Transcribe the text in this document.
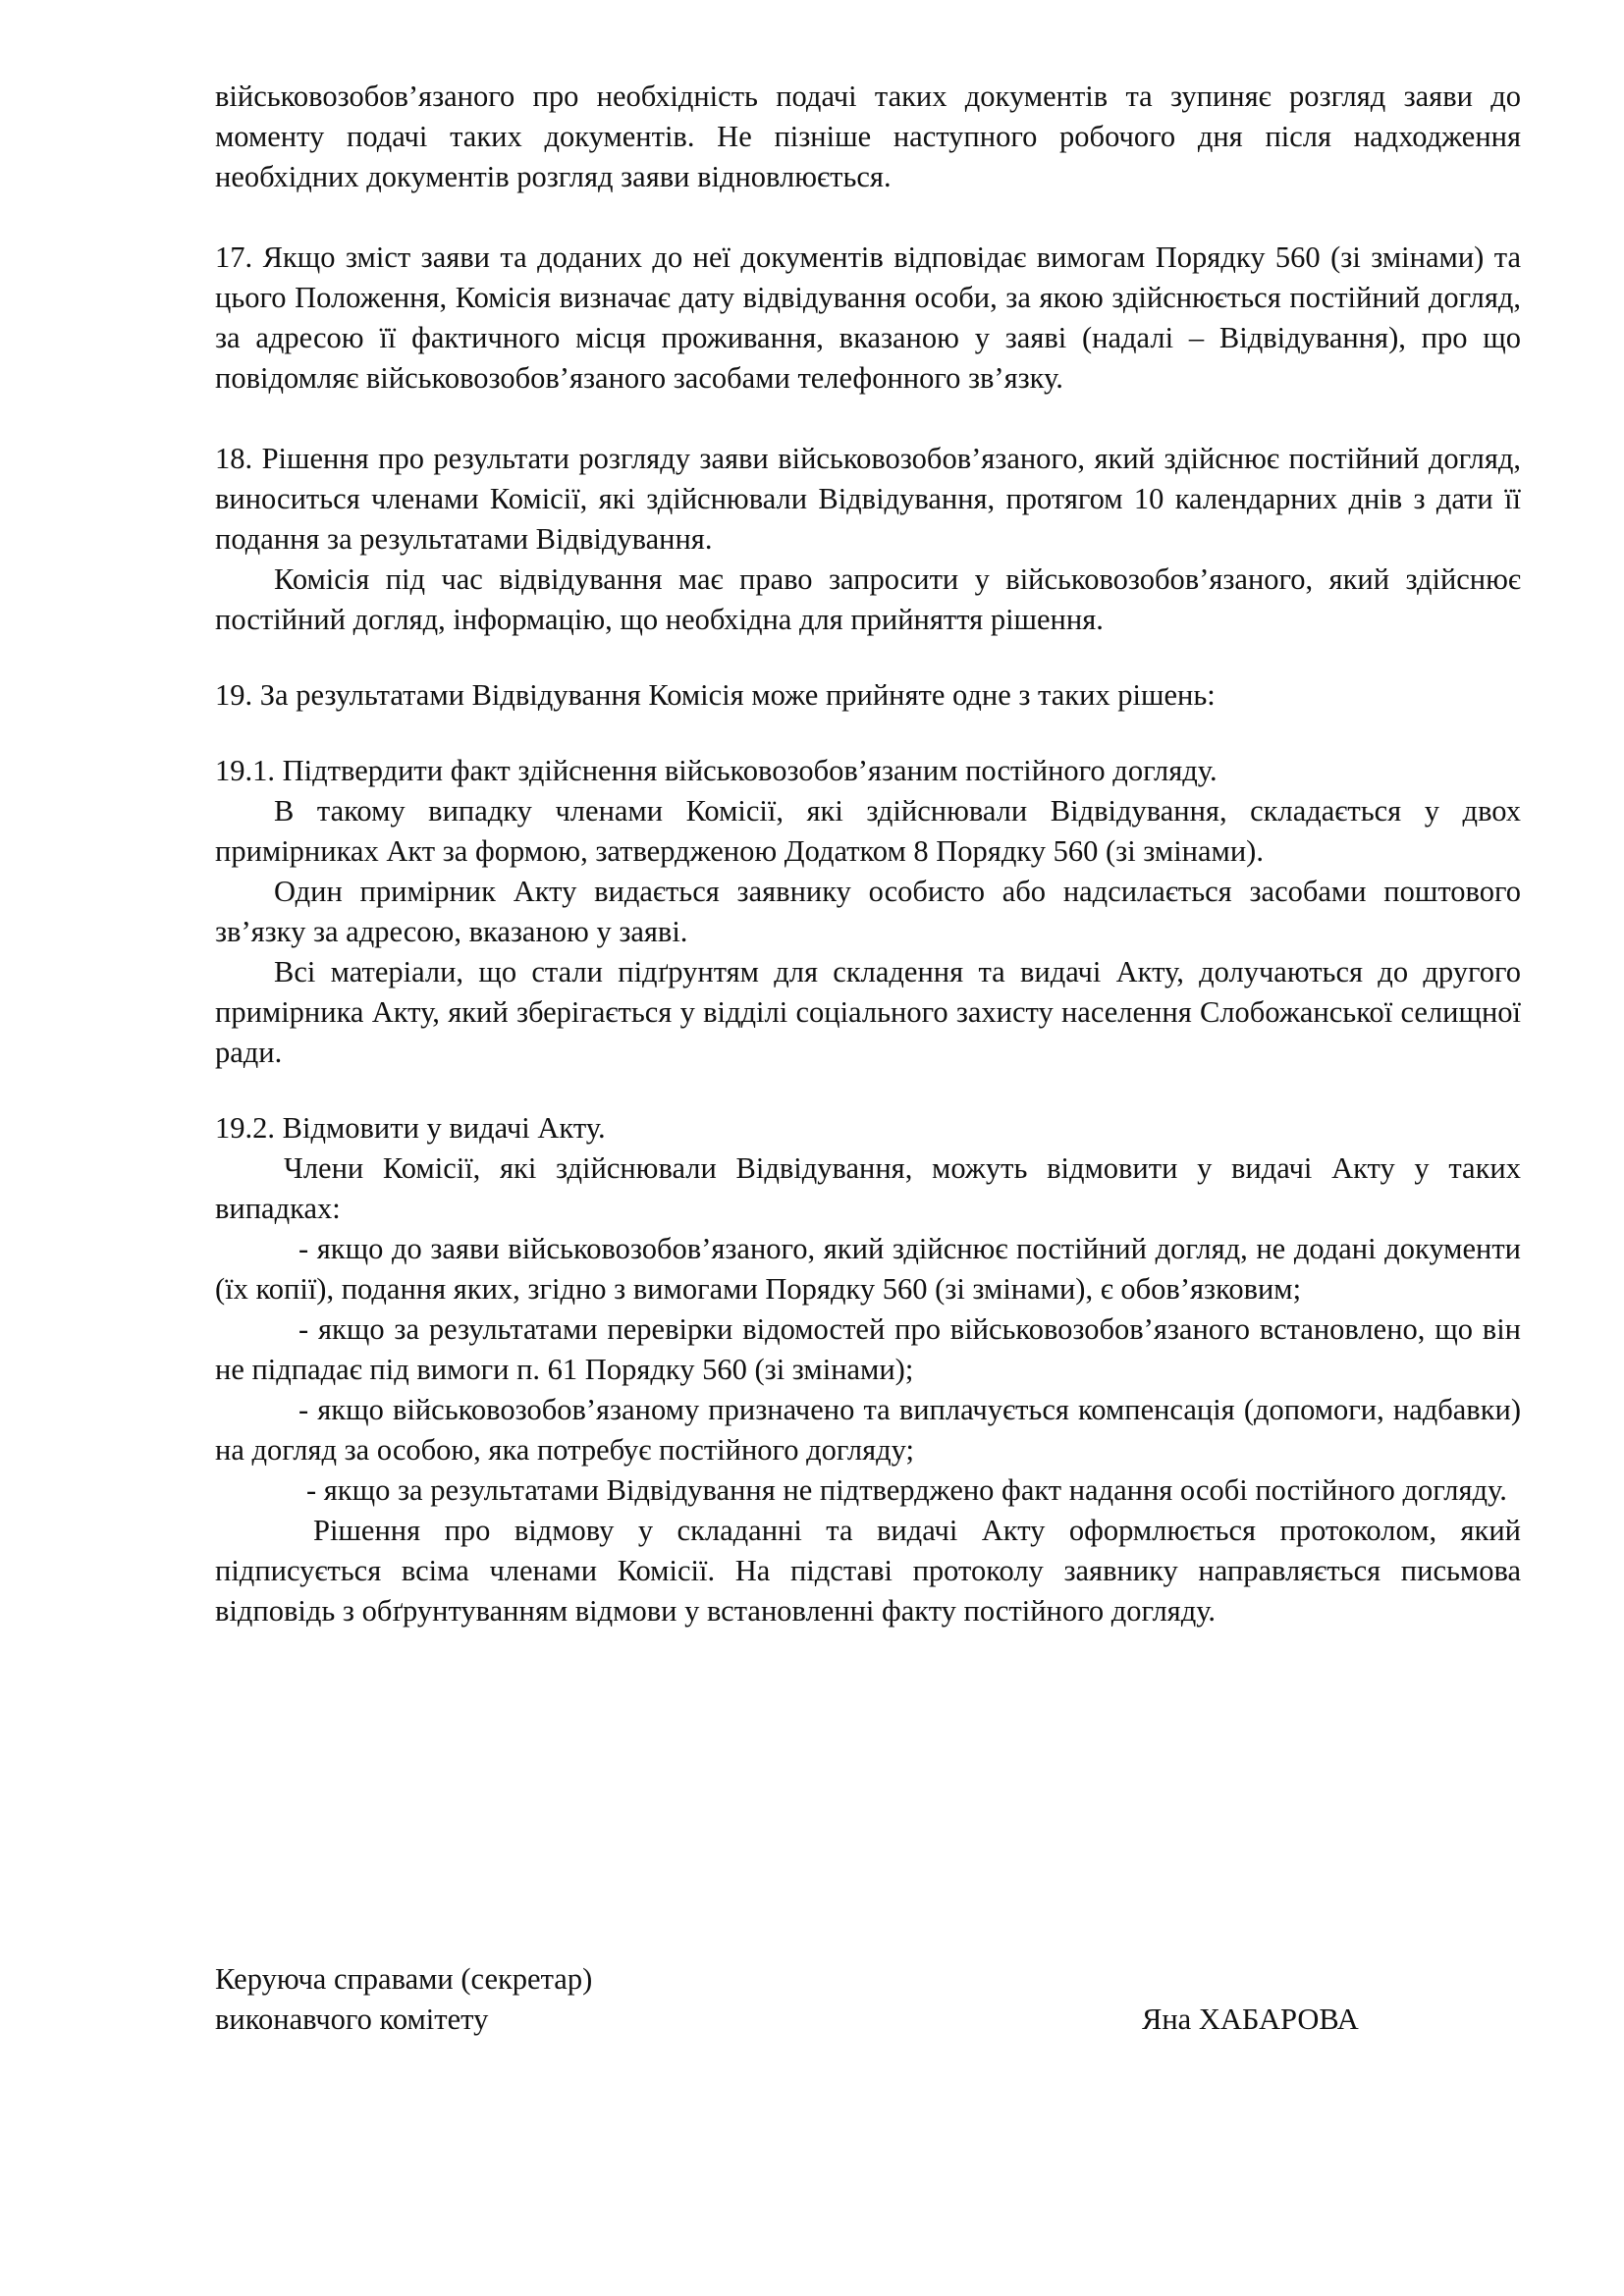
військовозобов’язаного про необхідність подачі таких документів та зупиняє розгляд заяви до моменту подачі таких документів. Не пізніше наступного робочого дня після надходження необхідних документів розгляд заяви відновлюється.

17. Якщо зміст заяви та доданих до неї документів відповідає вимогам Порядку 560 (зі змінами) та цього Положення, Комісія визначає дату відвідування особи, за якою здійснюється постійний догляд, за адресою її фактичного місця проживання, вказаною у заяві (надалі – Відвідування), про що повідомляє військовозобов’язаного засобами телефонного зв’язку.

18. Рішення про результати розгляду заяви військовозобов’язаного, який здійснює постійний догляд, виноситься членами Комісії, які здійснювали Відвідування, протягом 10 календарних днів з дати її подання за результатами Відвідування.

Комісія під час відвідування має право запросити у військовозобов’язаного, який здійснює постійний догляд, інформацію, що необхідна для прийняття рішення.

19. За результатами Відвідування Комісія може прийняте одне з таких рішень:

19.1. Підтвердити факт здійснення військовозобов’язаним постійного догляду.

В такому випадку членами Комісії, які здійснювали Відвідування, складається у двох примірниках Акт за формою, затвердженою Додатком 8 Порядку 560 (зі змінами).

Один примірник Акту видається заявнику особисто або надсилається засобами поштового зв’язку за адресою, вказаною у заяві.

Всі матеріали, що стали підґрунтям для складення та видачі Акту, долучаються до другого примірника Акту, який зберігається у відділі соціального захисту населення Слобожанської селищної ради.

19.2. Відмовити у видачі Акту.

Члени Комісії, які здійснювали Відвідування, можуть відмовити у видачі Акту у таких випадках:

- якщо до заяви військовозобов’язаного, який здійснює постійний догляд, не додані документи (їх копії), подання яких, згідно з вимогами Порядку 560 (зі змінами), є обов’язковим;

- якщо за результатами перевірки відомостей про військовозобов’язаного встановлено, що він не підпадає під вимоги п. 61 Порядку 560 (зі змінами);

- якщо військовозобов’язаному призначено та виплачується компенсація (допомоги, надбавки) на догляд за особою, яка потребує постійного догляду;

- якщо за результатами Відвідування не підтверджено факт надання особі постійного догляду.

Рішення про відмову у складанні та видачі Акту оформлюється протоколом, який підписується всіма членами Комісії. На підставі протоколу заявнику направляється письмова відповідь з обґрунтуванням відмови у встановленні факту постійного догляду.

Керуюча справами (секретар)
виконавчого комітету	Яна ХАБАРОВА
